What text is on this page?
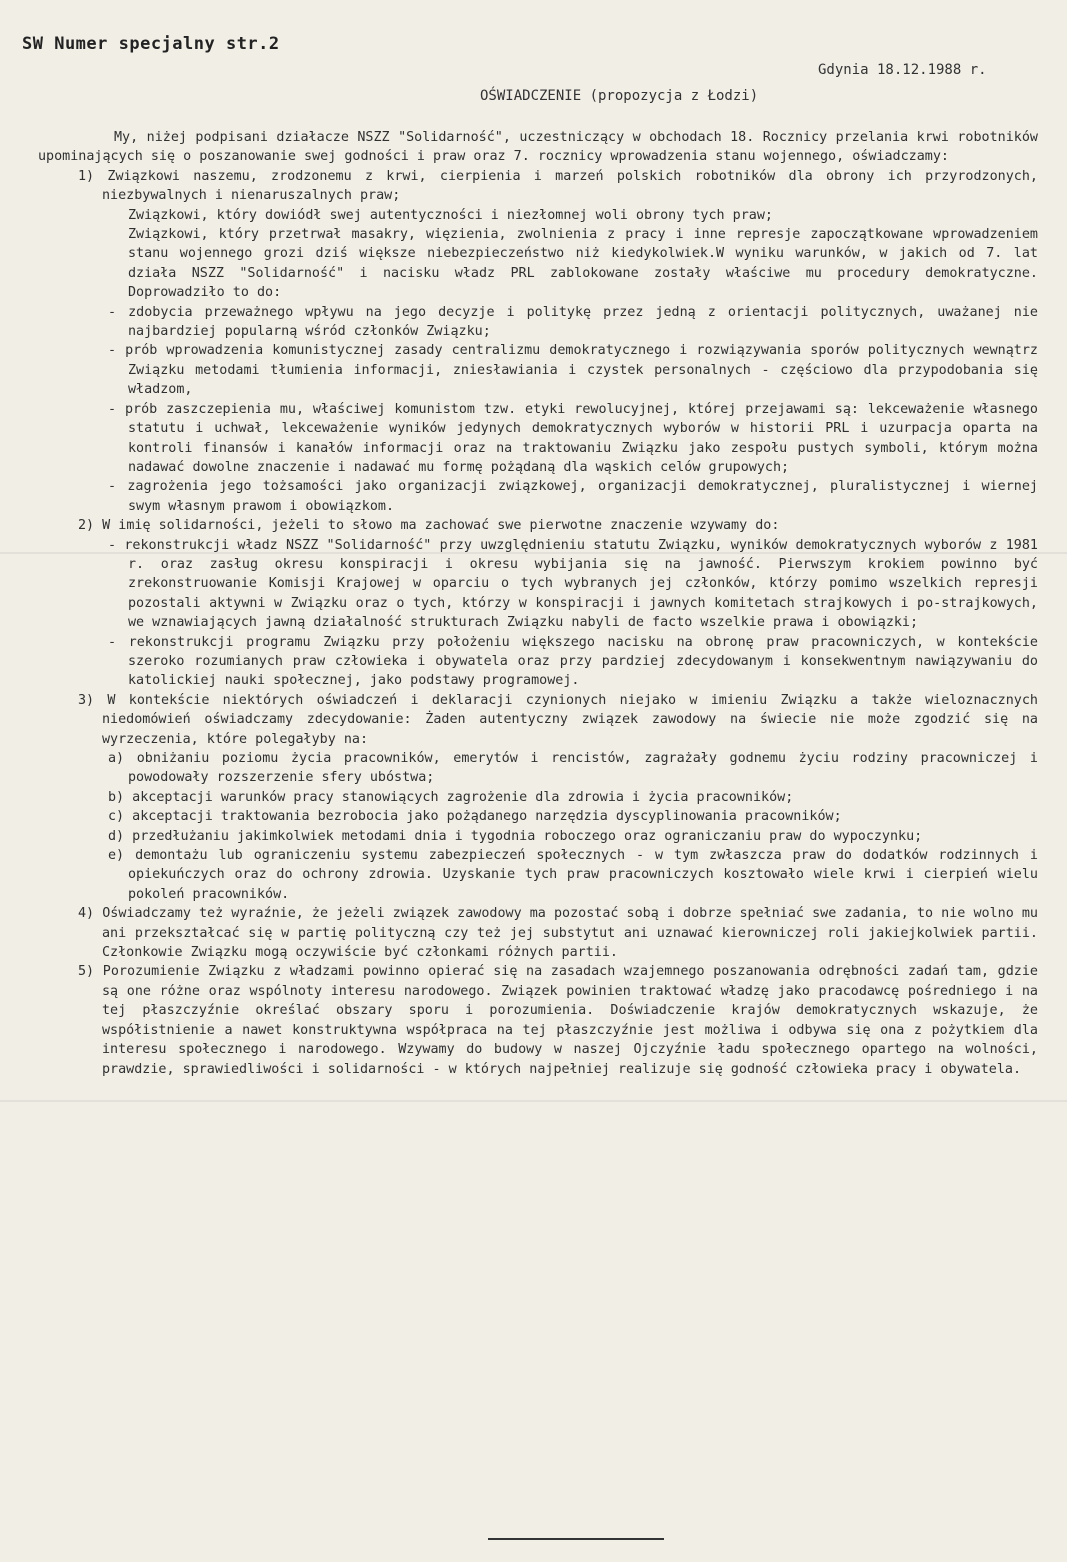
SW Numer specjalny str.2
Gdynia 18.12.1988 r.
OŚWIADCZENIE (propozycja z Łodzi)

My, niżej podpisani działacze NSZZ "Solidarność", uczestniczący w obchodach 18. Rocznicy przelania krwi robotników upominających się o poszanowanie swej godności i praw oraz 7. rocznicy wprowadzenia stanu wojennego, oświadczamy:

1) Związkowi naszemu, zrodzonemu z krwi, cierpienia i marzeń polskich robotników dla obrony ich przyrodzonych, niezbywalnych i nienaruszalnych praw;

Związkowi, który dowiódł swej autentyczności i niezłomnej woli obrony tych praw;

Związkowi, który przetrwał masakry, więzienia, zwolnienia z pracy i inne represje zapoczątkowane wprowadzeniem stanu wojennego grozi dziś większe niebezpieczeństwo niż kiedykolwiek.W wyniku warunków, w jakich od 7. lat działa NSZZ "Solidarność" i nacisku władz PRL zablokowane zostały właściwe mu procedury demokratyczne. Doprowadziło to do:

- zdobycia przeważnego wpływu na jego decyzje i politykę przez jedną z orientacji politycznych, uważanej nie najbardziej popularną wśród członków Związku;

- prób wprowadzenia komunistycznej zasady centralizmu demokratycznego i rozwiązywania sporów politycznych wewnątrz Związku metodami tłumienia informacji, zniesławiania i czystek personalnych - częściowo dla przypodobania się władzom,

- prób zaszczepienia mu, właściwej komunistom tzw. etyki rewolucyjnej, której przejawami są: lekceważenie własnego statutu i uchwał, lekceważenie wyników jedynych demokratycznych wyborów w historii PRL i uzurpacja oparta na kontroli finansów i kanałów informacji oraz na traktowaniu Związku jako zespołu pustych symboli, którym można nadawać dowolne znaczenie i nadawać mu formę pożądaną dla wąskich celów grupowych;

- zagrożenia jego tożsamości jako organizacji związkowej, organizacji demokratycznej, pluralistycznej i wiernej swym własnym prawom i obowiązkom.

2) W imię solidarności, jeżeli to słowo ma zachować swe pierwotne znaczenie wzywamy do:

- rekonstrukcji władz NSZZ "Solidarność" przy uwzględnieniu statutu Związku, wyników demokratycznych wyborów z 1981 r. oraz zasług okresu konspiracji i okresu wybijania się na jawność. Pierwszym krokiem powinno być zrekonstruowanie Komisji Krajowej w oparciu o tych wybranych jej członków, którzy pomimo wszelkich represji pozostali aktywni w Związku oraz o tych, którzy w konspiracji i jawnych komitetach strajkowych i po-strajkowych, we wznawiających jawną działalność strukturach Związku nabyli de facto wszelkie prawa i obowiązki;

- rekonstrukcji programu Związku przy położeniu większego nacisku na obronę praw pracowniczych, w kontekście szeroko rozumianych praw człowieka i obywatela oraz przy pardziej zdecydowanym i konsekwentnym nawiązywaniu do katolickiej nauki społecznej, jako podstawy programowej.

3) W kontekście niektórych oświadczeń i deklaracji czynionych niejako w imieniu Związku a także wieloznacznych niedomówień oświadczamy zdecydowanie: Żaden autentyczny związek zawodowy na świecie nie może zgodzić się na wyrzeczenia, które polegałyby na:

a) obniżaniu poziomu życia pracowników, emerytów i rencistów, zagrażały godnemu życiu rodziny pracowniczej i powodowały rozszerzenie sfery ubóstwa;

b) akceptacji warunków pracy stanowiących zagrożenie dla zdrowia i życia pracowników;

c) akceptacji traktowania bezrobocia jako pożądanego narzędzia dyscyplinowania pracowników;

d) przedłużaniu jakimkolwiek metodami dnia i tygodnia roboczego oraz ograniczaniu praw do wypoczynku;

e) demontażu lub ograniczeniu systemu zabezpieczeń społecznych - w tym zwłaszcza praw do dodatków rodzinnych i opiekuńczych oraz do ochrony zdrowia. Uzyskanie tych praw pracowniczych kosztowało wiele krwi i cierpień wielu pokoleń pracowników.

4) Oświadczamy też wyraźnie, że jeżeli związek zawodowy ma pozostać sobą i dobrze spełniać swe zadania, to nie wolno mu ani przekształcać się w partię polityczną czy też jej substytut ani uznawać kierowniczej roli jakiejkolwiek partii. Członkowie Związku mogą oczywiście być członkami różnych partii.

5) Porozumienie Związku z władzami powinno opierać się na zasadach wzajemnego poszanowania odrębności zadań tam, gdzie są one różne oraz wspólnoty interesu narodowego. Związek powinien traktować władzę jako pracodawcę pośredniego i na tej płaszczyźnie określać obszary sporu i porozumienia. Doświadczenie krajów demokratycznych wskazuje, że współistnienie a nawet konstruktywna współpraca na tej płaszczyźnie jest możliwa i odbywa się ona z pożytkiem dla interesu społecznego i narodowego. Wzywamy do budowy w naszej Ojczyźnie ładu społecznego opartego na wolności, prawdzie, sprawiedliwości i solidarności - w których najpełniej realizuje się godność człowieka pracy i obywatela.
